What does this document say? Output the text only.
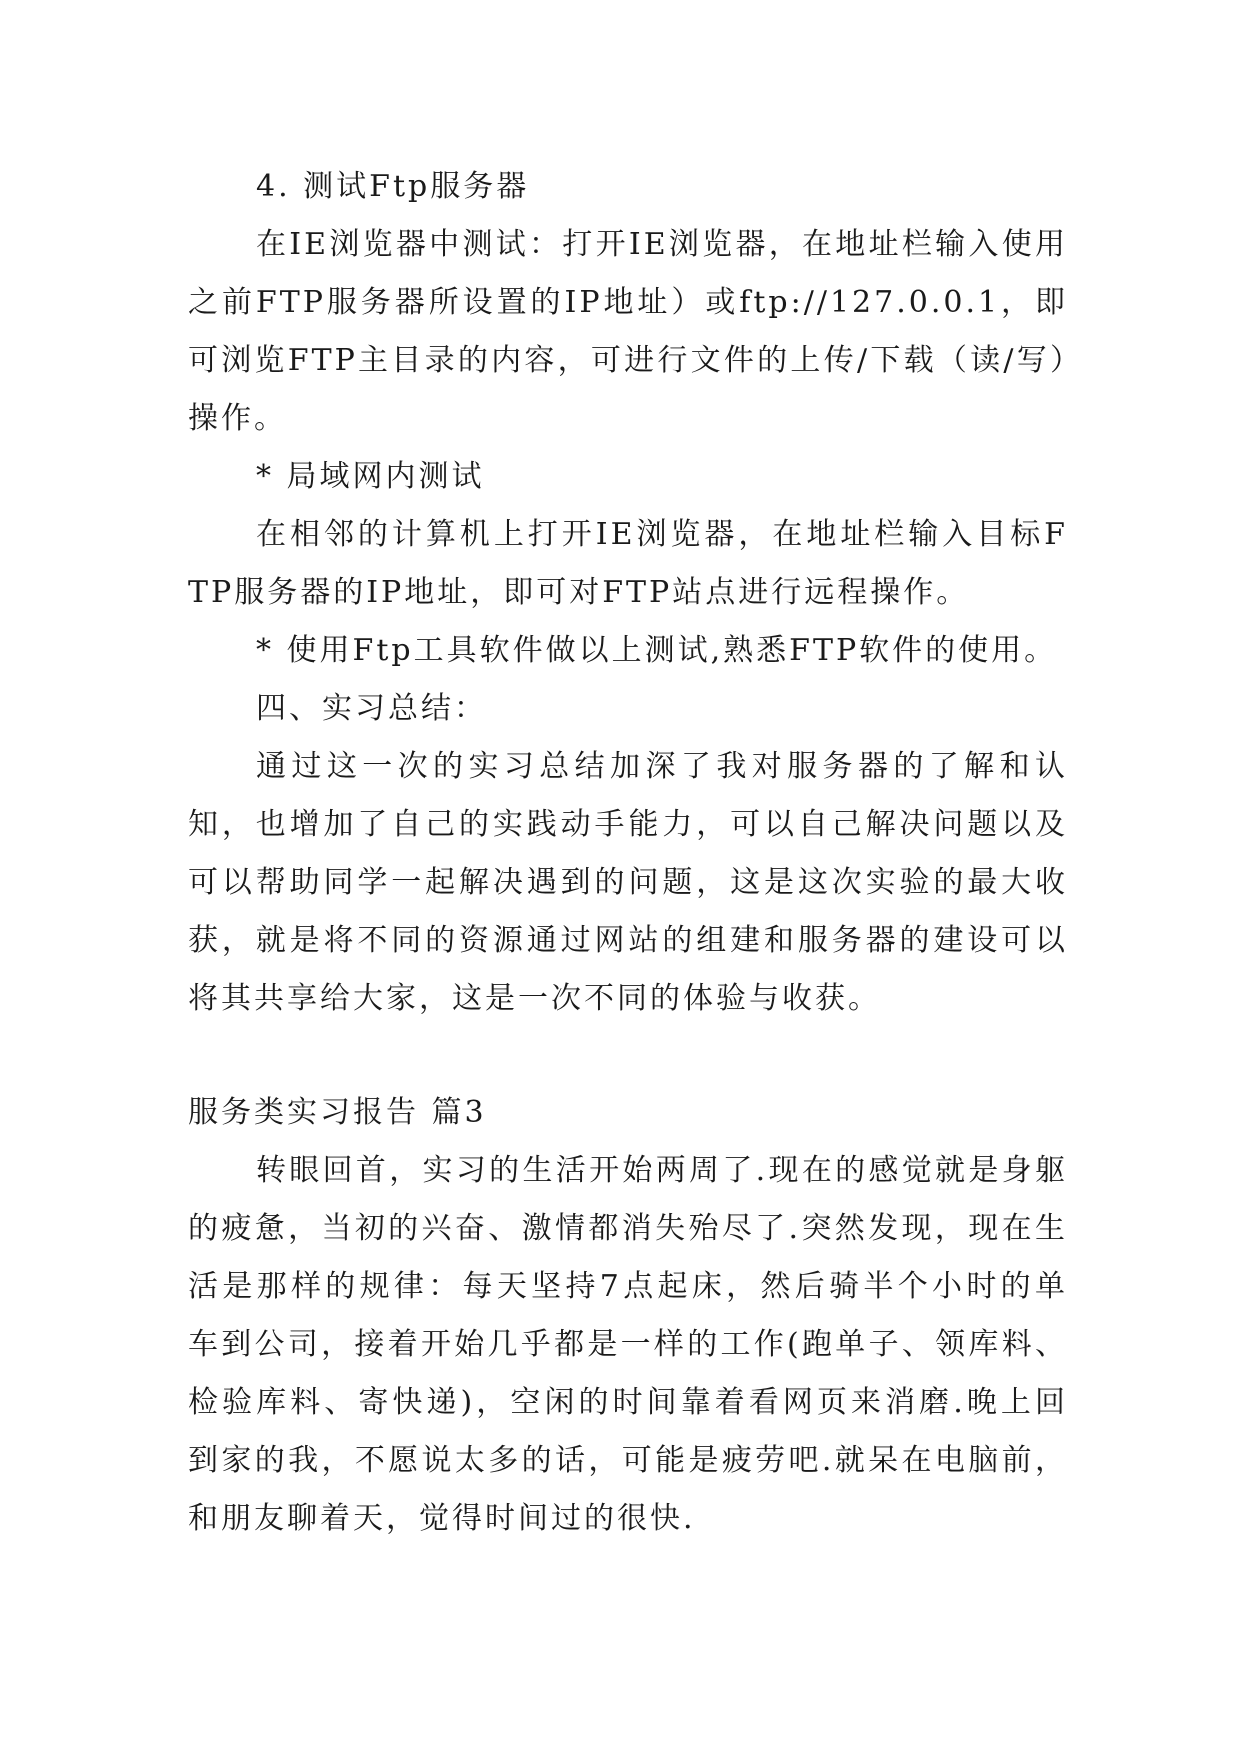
4. 测试Ftp服务器

在IE浏览器中测试：打开IE浏览器，在地址栏输入使用之前FTP服务器所设置的IP地址）或ftp://127.0.0.1，即可浏览FTP主目录的内容，可进行文件的上传/下载（读/写）操作。

* 局域网内测试

在相邻的计算机上打开IE浏览器，在地址栏输入目标FTP服务器的IP地址，即可对FTP站点进行远程操作。

* 使用Ftp工具软件做以上测试,熟悉FTP软件的使用。

四、实习总结：

通过这一次的实习总结加深了我对服务器的了解和认知，也增加了自己的实践动手能力，可以自己解决问题以及可以帮助同学一起解决遇到的问题，这是这次实验的最大收获，就是将不同的资源通过网站的组建和服务器的建设可以将其共享给大家，这是一次不同的体验与收获。

服务类实习报告 篇3

转眼回首，实习的生活开始两周了.现在的感觉就是身躯的疲惫，当初的兴奋、激情都消失殆尽了.突然发现，现在生活是那样的规律：每天坚持7点起床，然后骑半个小时的单车到公司，接着开始几乎都是一样的工作(跑单子、领库料、检验库料、寄快递)，空闲的时间靠着看网页来消磨.晚上回到家的我，不愿说太多的话，可能是疲劳吧.就呆在电脑前，和朋友聊着天，觉得时间过的很快.
